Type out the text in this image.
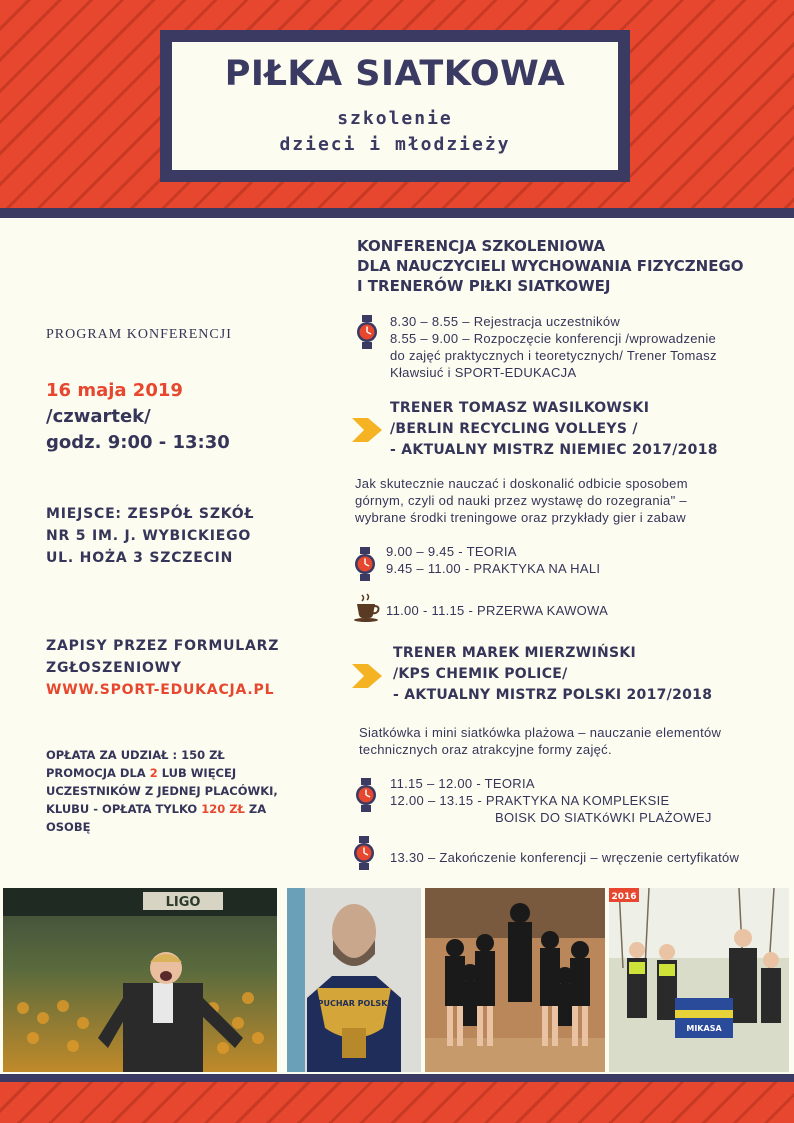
PIŁKA SIATKOWA
szkolenie
dzieci i młodzieży
PROGRAM KONFERENCJI
16 maja 2019
/czwartek/
godz. 9:00 - 13:30
MIEJSCE: ZESPÓŁ SZKÓŁ
NR 5 IM. J. WYBICKIEGO
UL. HOŻA 3 SZCZECIN
ZAPISY PRZEZ FORMULARZ
ZGŁOSZENIOWY
WWW.SPORT-EDUKACJA.PL
OPŁATA ZA UDZIAŁ : 150 ZŁ
PROMOCJA DLA 2 LUB WIĘCEJ
UCZESTNIKÓW Z JEDNEJ PLACÓWKI,
KLUBU - OPŁATA TYLKO 120 ZŁ ZA
OSOBĘ
KONFERENCJA SZKOLENIOWA
DLA NAUCZYCIELI WYCHOWANIA FIZYCZNEGO
I TRENERÓW PIŁKI SIATKOWEJ
8.30 – 8.55 – Rejestracja uczestników
8.55 – 9.00 – Rozpoczęcie konferencji /wprowadzenie
do zajęć praktycznych i teoretycznych/ Trener Tomasz
Kławsiuć i SPORT-EDUKACJA
TRENER TOMASZ WASILKOWSKI
/BERLIN RECYCLING VOLLEYS /
- AKTUALNY MISTRZ NIEMIEC 2017/2018
Jak skutecznie nauczać i doskonalić odbicie sposobem
górnym, czyli od nauki przez wystawę do rozegrania" –
wybrane środki treningowe oraz przykłady gier i zabaw
9.00 – 9.45 - TEORIA
9.45 – 11.00 - PRAKTYKA NA HALI
11.00 - 11.15 - PRZERWA KAWOWA
TRENER MAREK MIERZWIŃSKI
/KPS CHEMIK POLICE/
- AKTUALNY MISTRZ POLSKI 2017/2018
Siatkówka i mini siatkówka plażowa – nauczanie elementów
technicznych oraz atrakcyjne formy zajęć.
11.15 – 12.00 - TEORIA
12.00 – 13.15 - PRAKTYKA NA KOMPLEKSIE
BOISK DO SIATKóWKI PLAŻOWEJ
13.30 – Zakończenie konferencji – wręczenie certyfikatów
LIGO
PUCHAR POLSKI
2016
MIKASA
